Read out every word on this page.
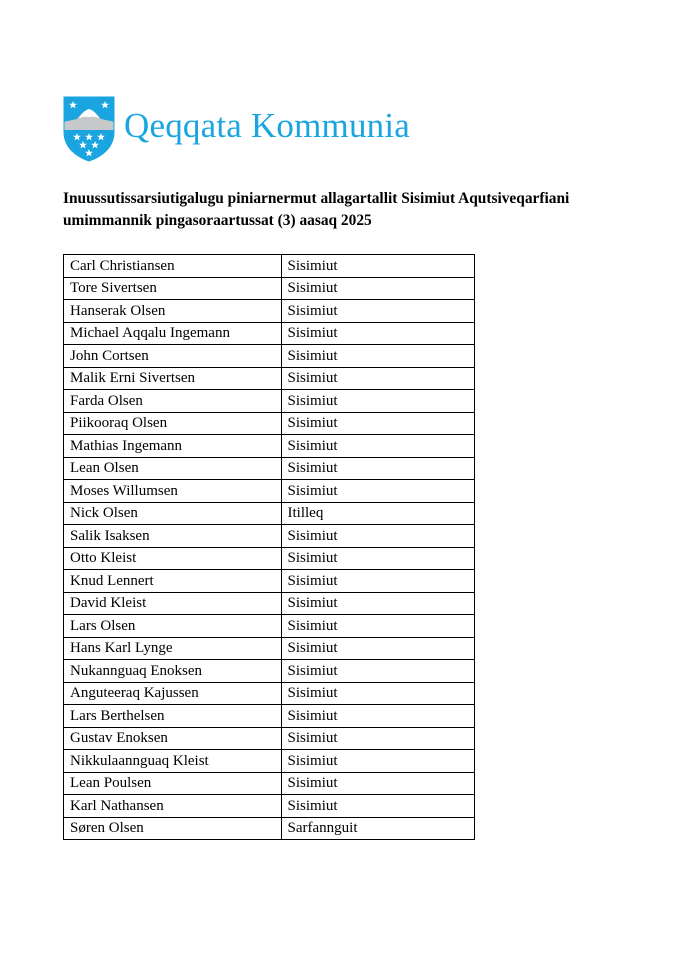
Qeqqata Kommunia
Inuussutissarsiutigalugu piniarnermut allagartallit Sisimiut Aqutsiveqarfiani umimmannik pingasoraartussat (3) aasaq 2025
Carl Christiansen	Sisimiut
Tore Sivertsen	Sisimiut
Hanserak Olsen	Sisimiut
Michael Aqqalu Ingemann	Sisimiut
John Cortsen	Sisimiut
Malik Erni Sivertsen	Sisimiut
Farda Olsen	Sisimiut
Piikooraq Olsen	Sisimiut
Mathias Ingemann	Sisimiut
Lean Olsen	Sisimiut
Moses Willumsen	Sisimiut
Nick Olsen	Itilleq
Salik Isaksen	Sisimiut
Otto Kleist	Sisimiut
Knud Lennert	Sisimiut
David Kleist	Sisimiut
Lars Olsen	Sisimiut
Hans Karl Lynge	Sisimiut
Nukannguaq Enoksen	Sisimiut
Anguteeraq Kajussen	Sisimiut
Lars Berthelsen	Sisimiut
Gustav Enoksen	Sisimiut
Nikkulaannguaq Kleist	Sisimiut
Lean Poulsen	Sisimiut
Karl Nathansen	Sisimiut
Søren Olsen	Sarfannguit
